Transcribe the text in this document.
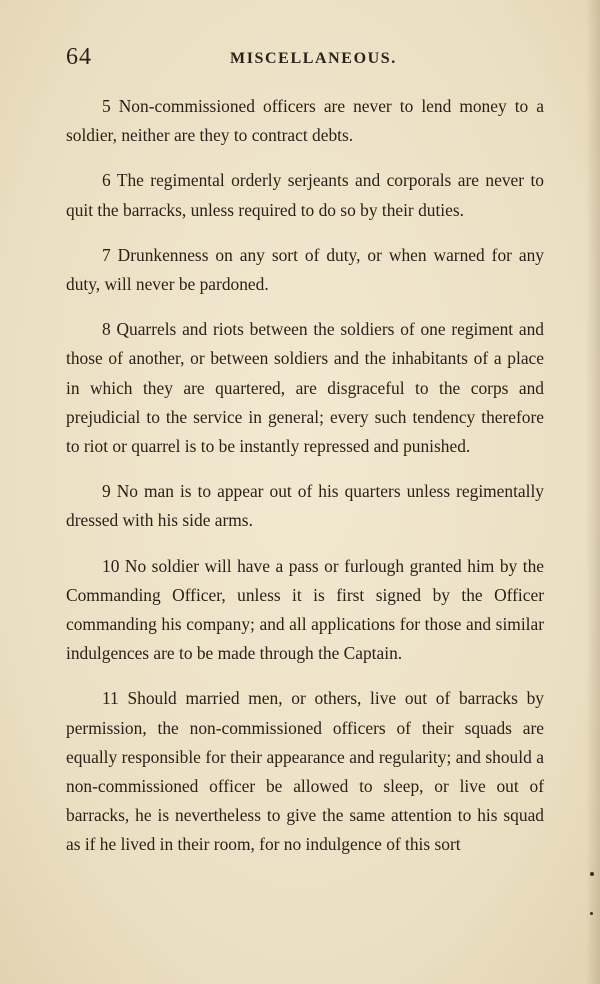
64	MISCELLANEOUS.

5 Non-commissioned officers are never to lend money to a soldier, neither are they to contract debts.

6 The regimental orderly serjeants and corporals are never to quit the barracks, unless required to do so by their duties.

7 Drunkenness on any sort of duty, or when warned for any duty, will never be pardoned.

8 Quarrels and riots between the soldiers of one regiment and those of another, or between soldiers and the inhabitants of a place in which they are quartered, are disgraceful to the corps and prejudicial to the service in general; every such tendency therefore to riot or quarrel is to be instantly repressed and punished.

9 No man is to appear out of his quarters unless regimentally dressed with his side arms.

10 No soldier will have a pass or furlough granted him by the Commanding Officer, unless it is first signed by the Officer commanding his company; and all applications for those and similar indulgences are to be made through the Captain.

11 Should married men, or others, live out of barracks by permission, the non-commissioned officers of their squads are equally responsible for their appearance and regularity; and should a non-commissioned officer be allowed to sleep, or live out of barracks, he is nevertheless to give the same attention to his squad as if he lived in their room, for no indulgence of this sort
